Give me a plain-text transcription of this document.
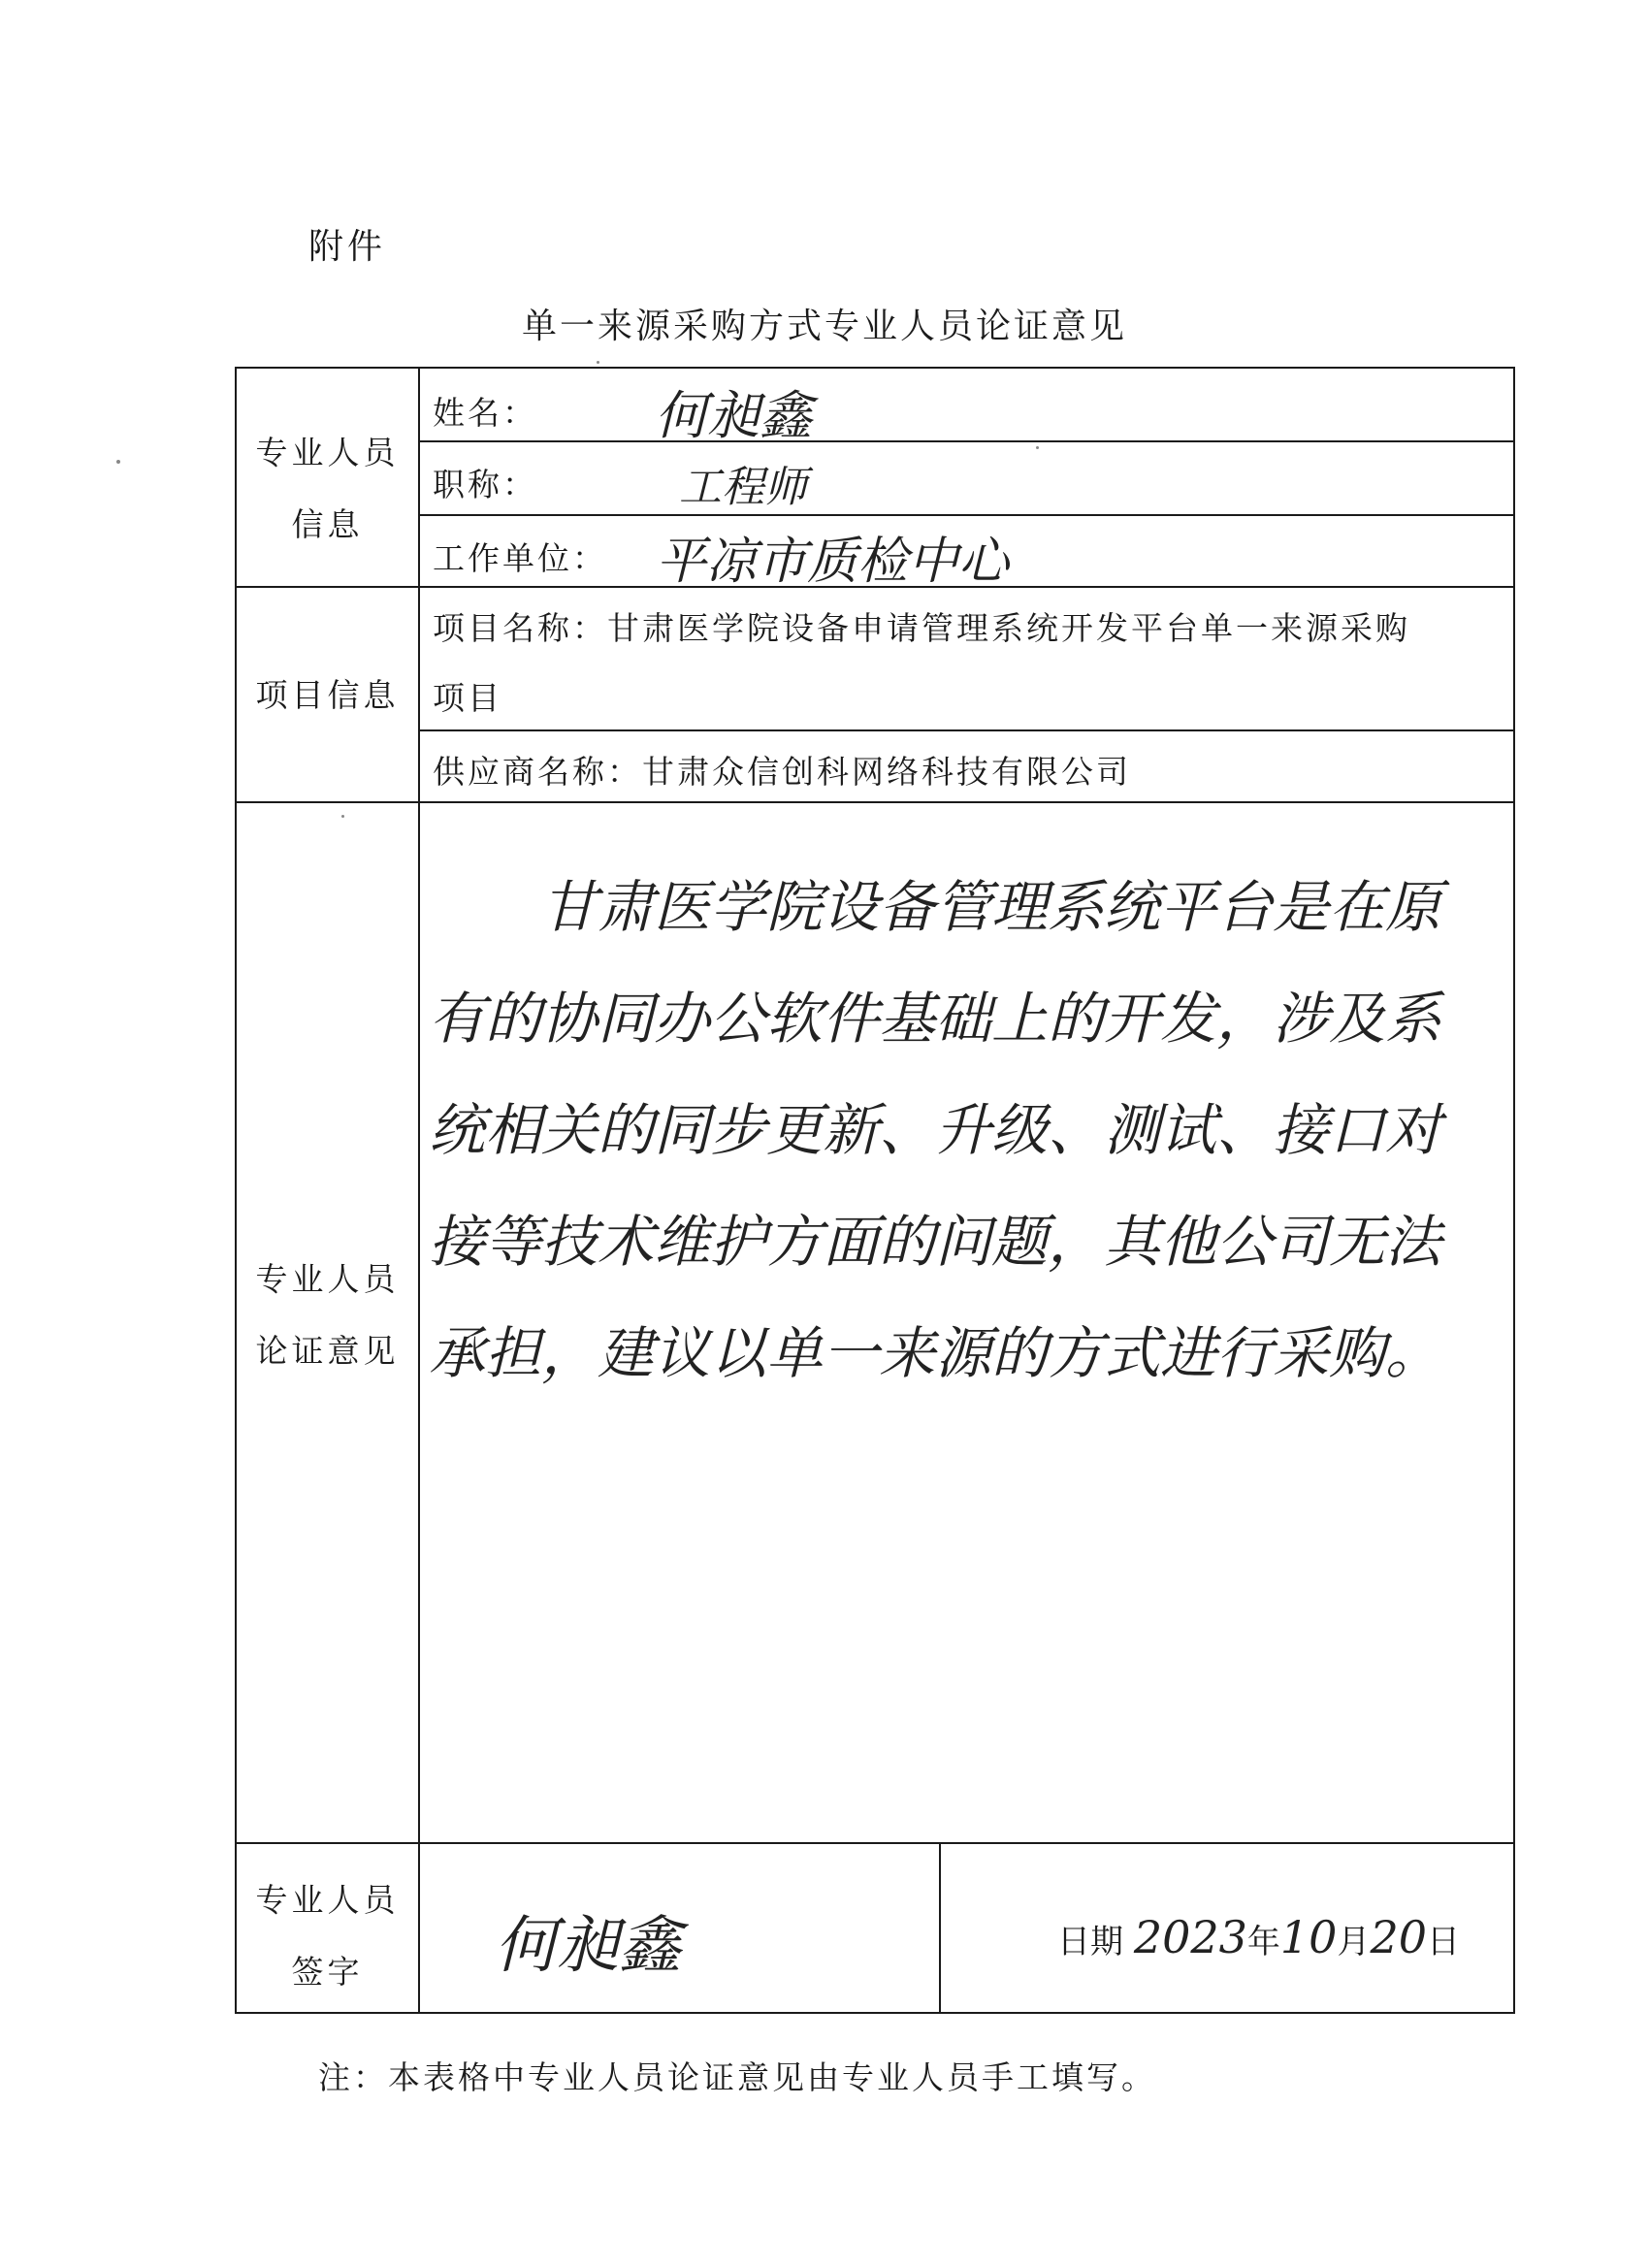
附件
单一来源采购方式专业人员论证意见
专业人员
信息
姓名： 何昶鑫
职称：	工程师
工作单位： 平凉市质检中心
项目信息
项目名称：甘肃医学院设备申请管理系统开发平台单一来源采购
项目
供应商名称：甘肃众信创科网络科技有限公司
专业人员
论证意见

甘肃医学院设备管理系统平台是在原有的协同办公软件基础上的开发，涉及系统相关的同步更新、升级、测试、接口对接等技术维护方面的问题，其他公司无法承担，建议以单一来源的方式进行采购。

专业人员
签字	何昶鑫	日期 2023年10月20日
注：本表格中专业人员论证意见由专业人员手工填写。
